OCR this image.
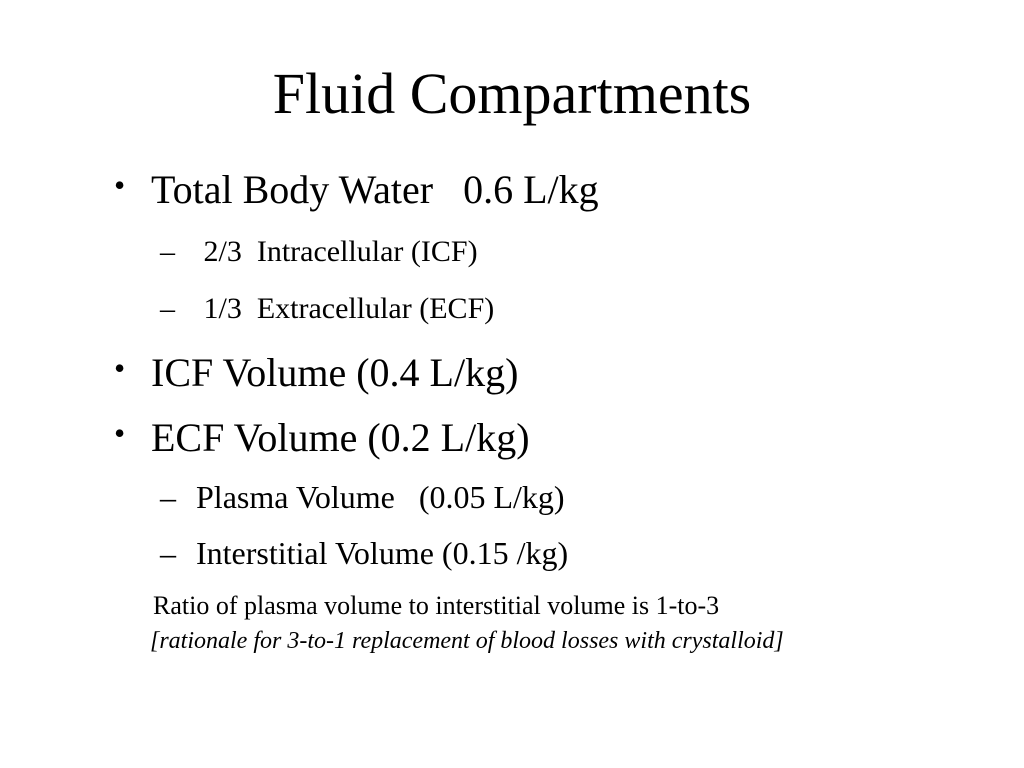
Fluid Compartments
• Total Body Water   0.6 L/kg
– 2/3  Intracellular (ICF)
– 1/3  Extracellular (ECF)
• ICF Volume (0.4 L/kg)
• ECF Volume (0.2 L/kg)
– Plasma Volume   (0.05 L/kg)
– Interstitial Volume (0.15 /kg)
Ratio of plasma volume to interstitial volume is 1-to-3
[rationale for 3-to-1 replacement of blood losses with crystalloid]
